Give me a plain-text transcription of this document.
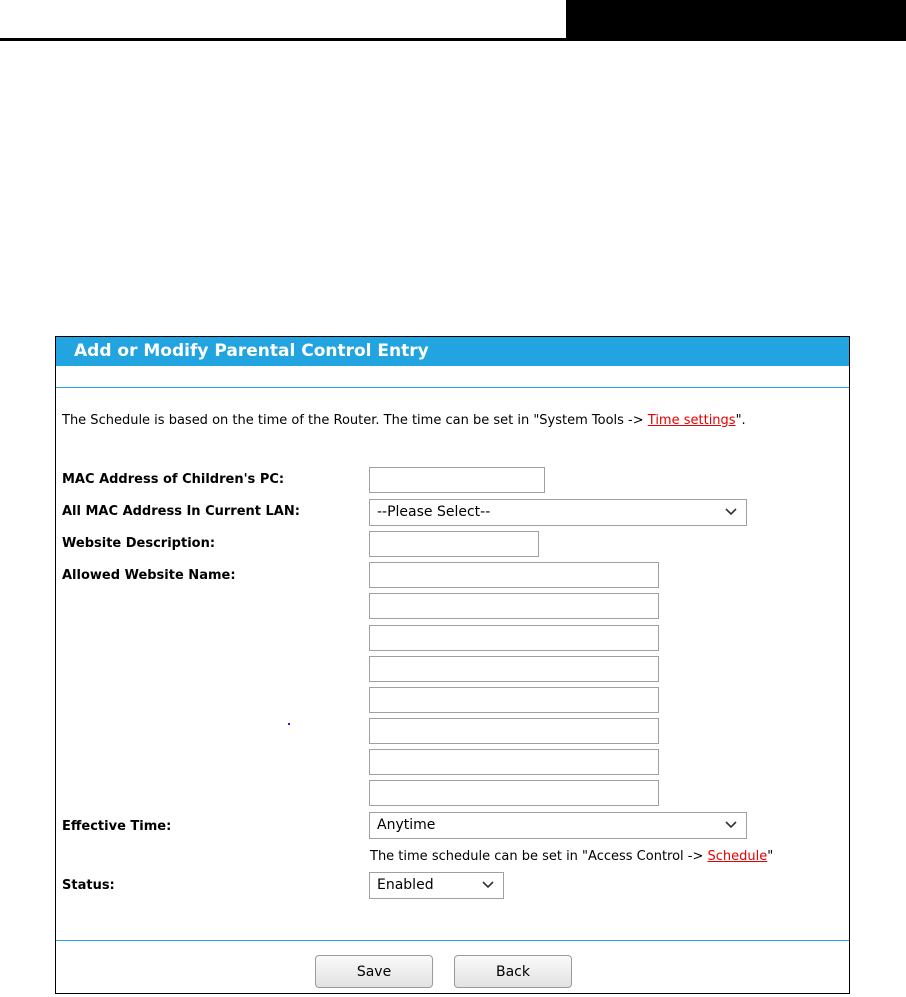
Add or Modify Parental Control Entry
The Schedule is based on the time of the Router. The time can be set in "System Tools -> Time settings".
MAC Address of Children's PC:
All MAC Address In Current LAN:	--Please Select--
Website Description:
Allowed Website Name:
Effective Time:	Anytime
The time schedule can be set in "Access Control -> Schedule"
Status:	Enabled
Save	Back
